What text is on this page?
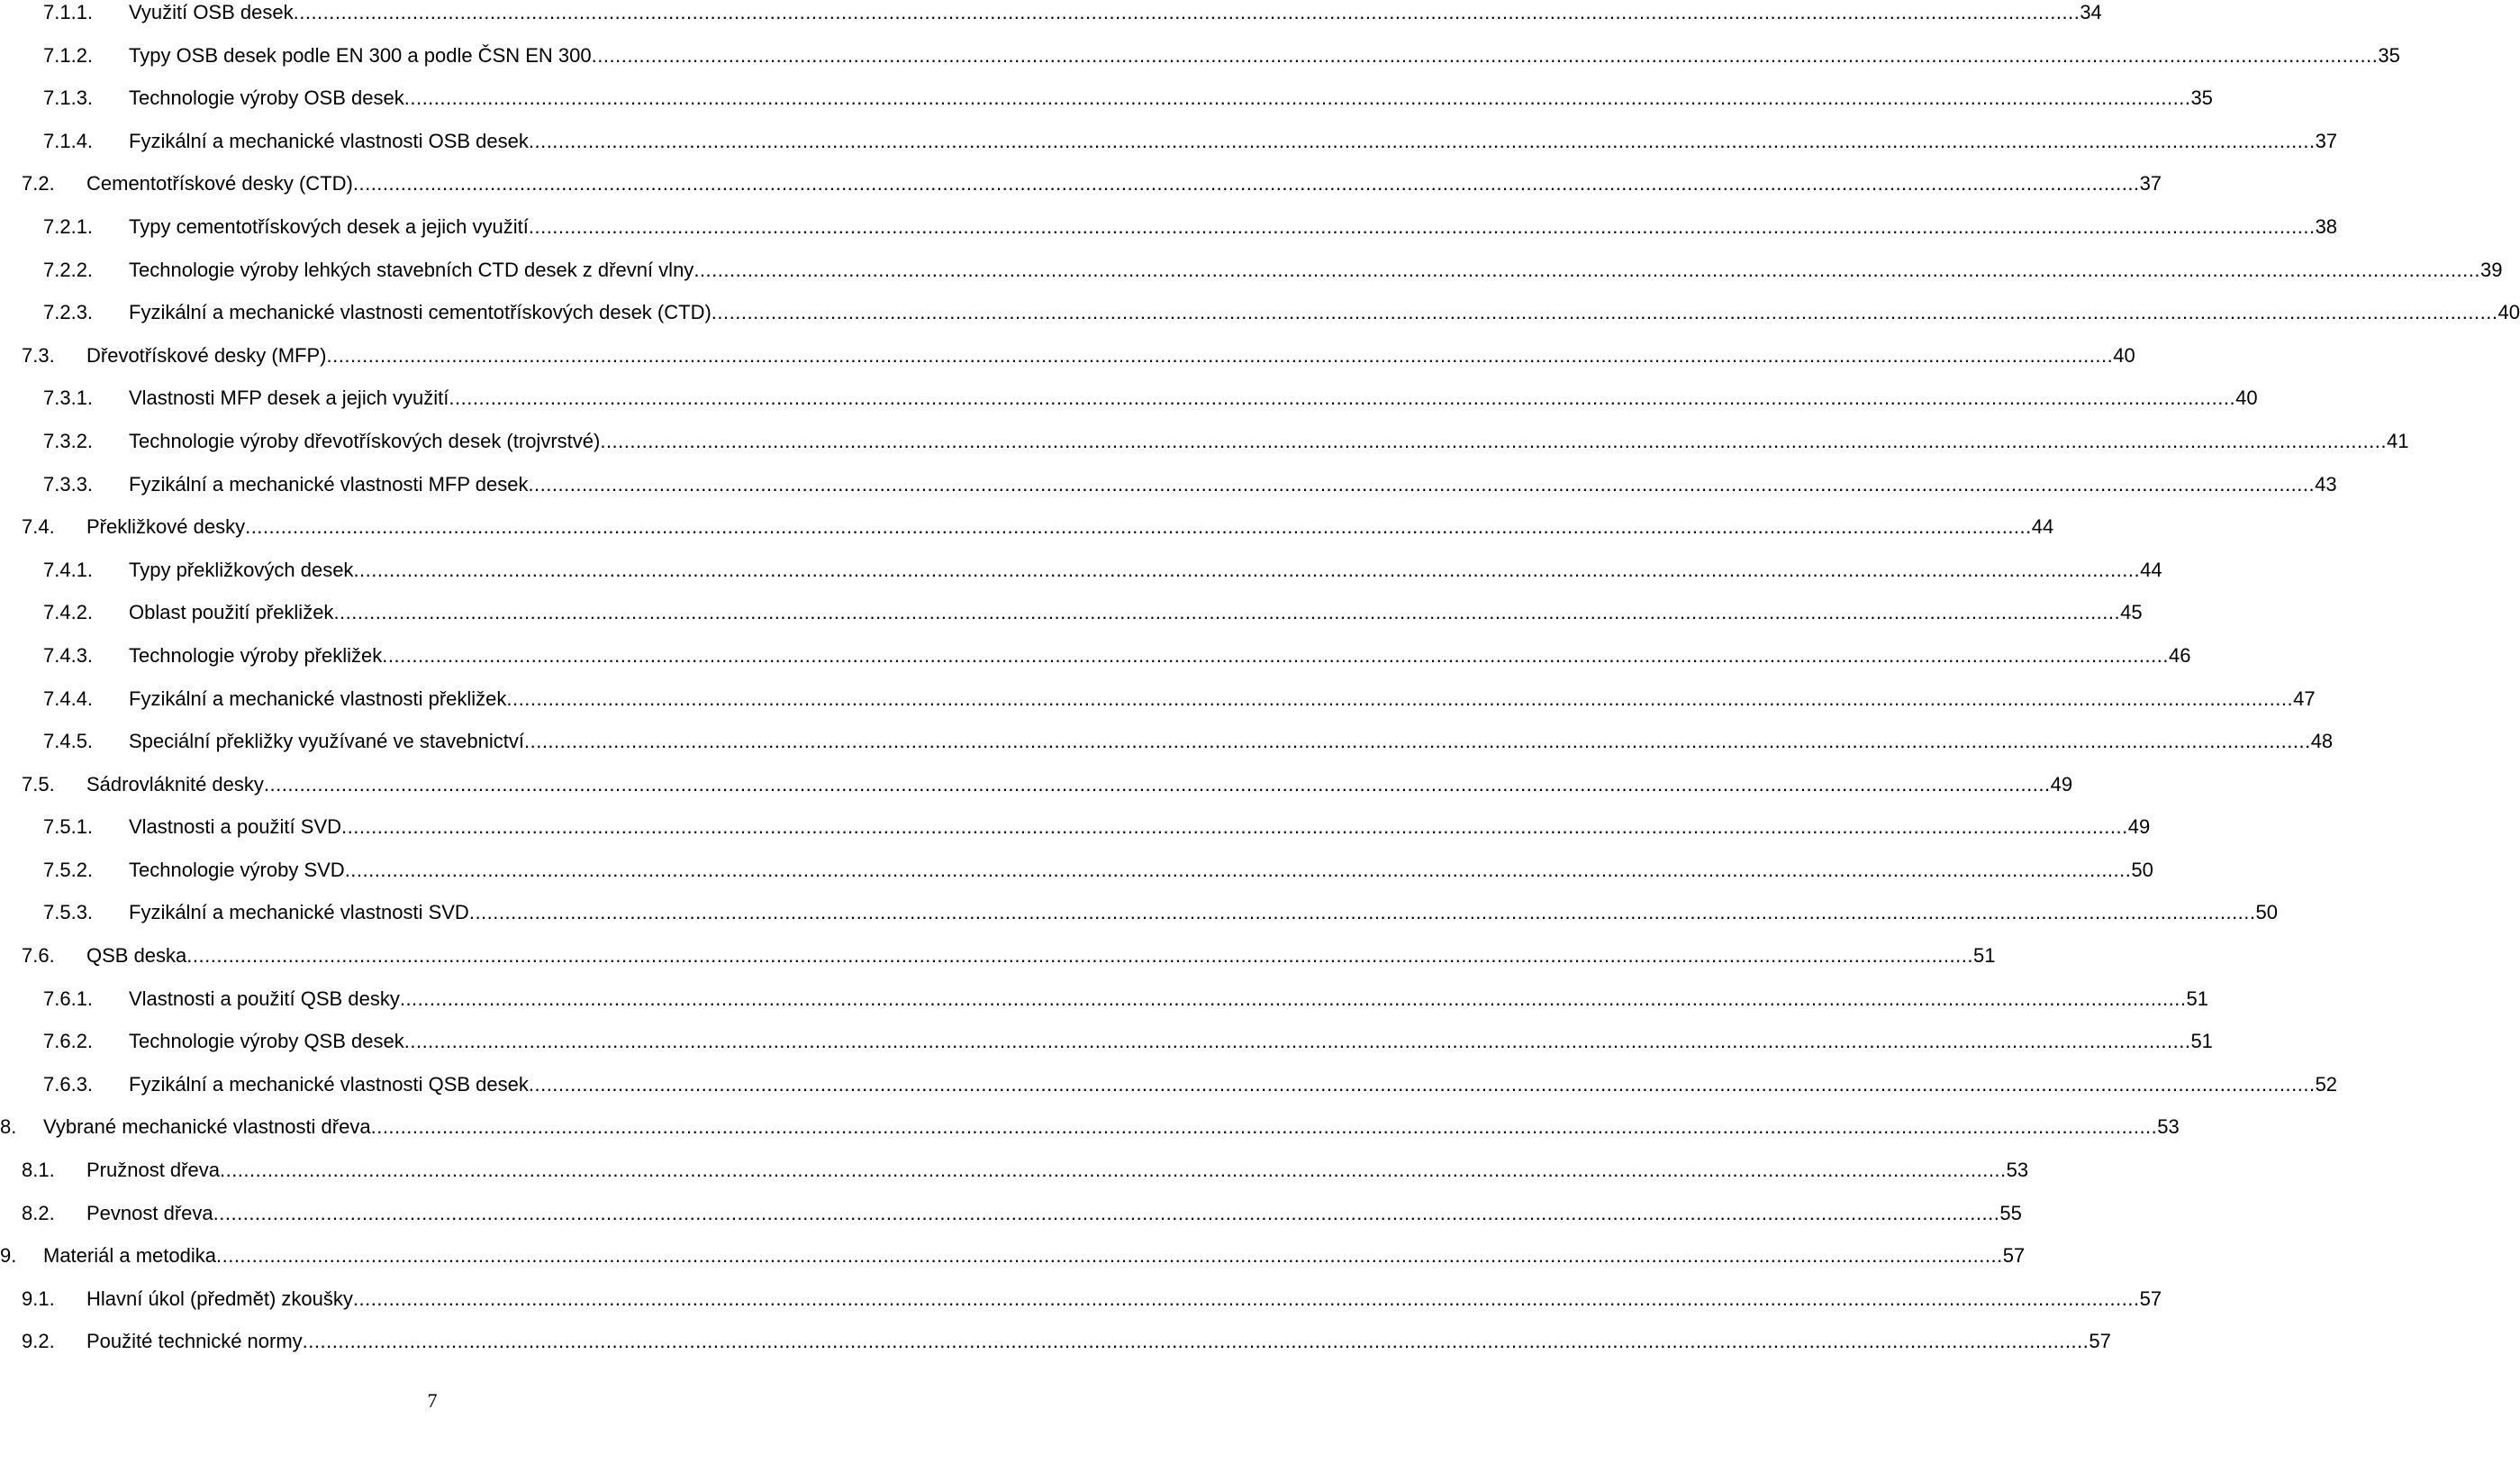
7.1.1. Využití OSB desek ............................................................................................................................................................................................................................................................................................................ 34
7.1.2. Typy OSB desek podle EN 300 a podle ČSN EN 300 ............................................................................................................................................................................................................................................................................................................ 35
7.1.3. Technologie výroby OSB desek ............................................................................................................................................................................................................................................................................................................ 35
7.1.4. Fyzikální a mechanické vlastnosti OSB desek ............................................................................................................................................................................................................................................................................................................ 37
7.2. Cementotřískové desky (CTD) ............................................................................................................................................................................................................................................................................................................ 37
7.2.1. Typy cementotřískových desek a jejich využití ............................................................................................................................................................................................................................................................................................................ 38
7.2.2. Technologie výroby lehkých stavebních CTD desek z dřevní vlny ............................................................................................................................................................................................................................................................................................................ 39
7.2.3. Fyzikální a mechanické vlastnosti cementotřískových desek (CTD) ............................................................................................................................................................................................................................................................................................................ 40
7.3. Dřevotřískové desky (MFP) ............................................................................................................................................................................................................................................................................................................ 40
7.3.1. Vlastnosti MFP desek a jejich využití ............................................................................................................................................................................................................................................................................................................ 40
7.3.2. Technologie výroby dřevotřískových desek (trojvrstvé) ............................................................................................................................................................................................................................................................................................................ 41
7.3.3. Fyzikální a mechanické vlastnosti MFP desek ............................................................................................................................................................................................................................................................................................................ 43
7.4. Překližkové desky ............................................................................................................................................................................................................................................................................................................ 44
7.4.1. Typy překližkových desek ............................................................................................................................................................................................................................................................................................................ 44
7.4.2. Oblast použití překližek ............................................................................................................................................................................................................................................................................................................ 45
7.4.3. Technologie výroby překližek ............................................................................................................................................................................................................................................................................................................ 46
7.4.4. Fyzikální a mechanické vlastnosti překližek ............................................................................................................................................................................................................................................................................................................ 47
7.4.5. Speciální překližky využívané ve stavebnictví ............................................................................................................................................................................................................................................................................................................ 48
7.5. Sádrovláknité desky ............................................................................................................................................................................................................................................................................................................ 49
7.5.1. Vlastnosti a použití SVD ............................................................................................................................................................................................................................................................................................................ 49
7.5.2. Technologie výroby SVD ............................................................................................................................................................................................................................................................................................................ 50
7.5.3. Fyzikální a mechanické vlastnosti SVD ............................................................................................................................................................................................................................................................................................................ 50
7.6. QSB deska ............................................................................................................................................................................................................................................................................................................ 51
7.6.1. Vlastnosti a použití QSB desky ............................................................................................................................................................................................................................................................................................................ 51
7.6.2. Technologie výroby QSB desek ............................................................................................................................................................................................................................................................................................................ 51
7.6.3. Fyzikální a mechanické vlastnosti QSB desek ............................................................................................................................................................................................................................................................................................................ 52
8. Vybrané mechanické vlastnosti dřeva ............................................................................................................................................................................................................................................................................................................ 53
8.1. Pružnost dřeva ............................................................................................................................................................................................................................................................................................................ 53
8.2. Pevnost dřeva ............................................................................................................................................................................................................................................................................................................ 55
9. Materiál a metodika ............................................................................................................................................................................................................................................................................................................ 57
9.1. Hlavní úkol (předmět) zkoušky ............................................................................................................................................................................................................................................................................................................ 57
9.2. Použité technické normy ............................................................................................................................................................................................................................................................................................................ 57
7
